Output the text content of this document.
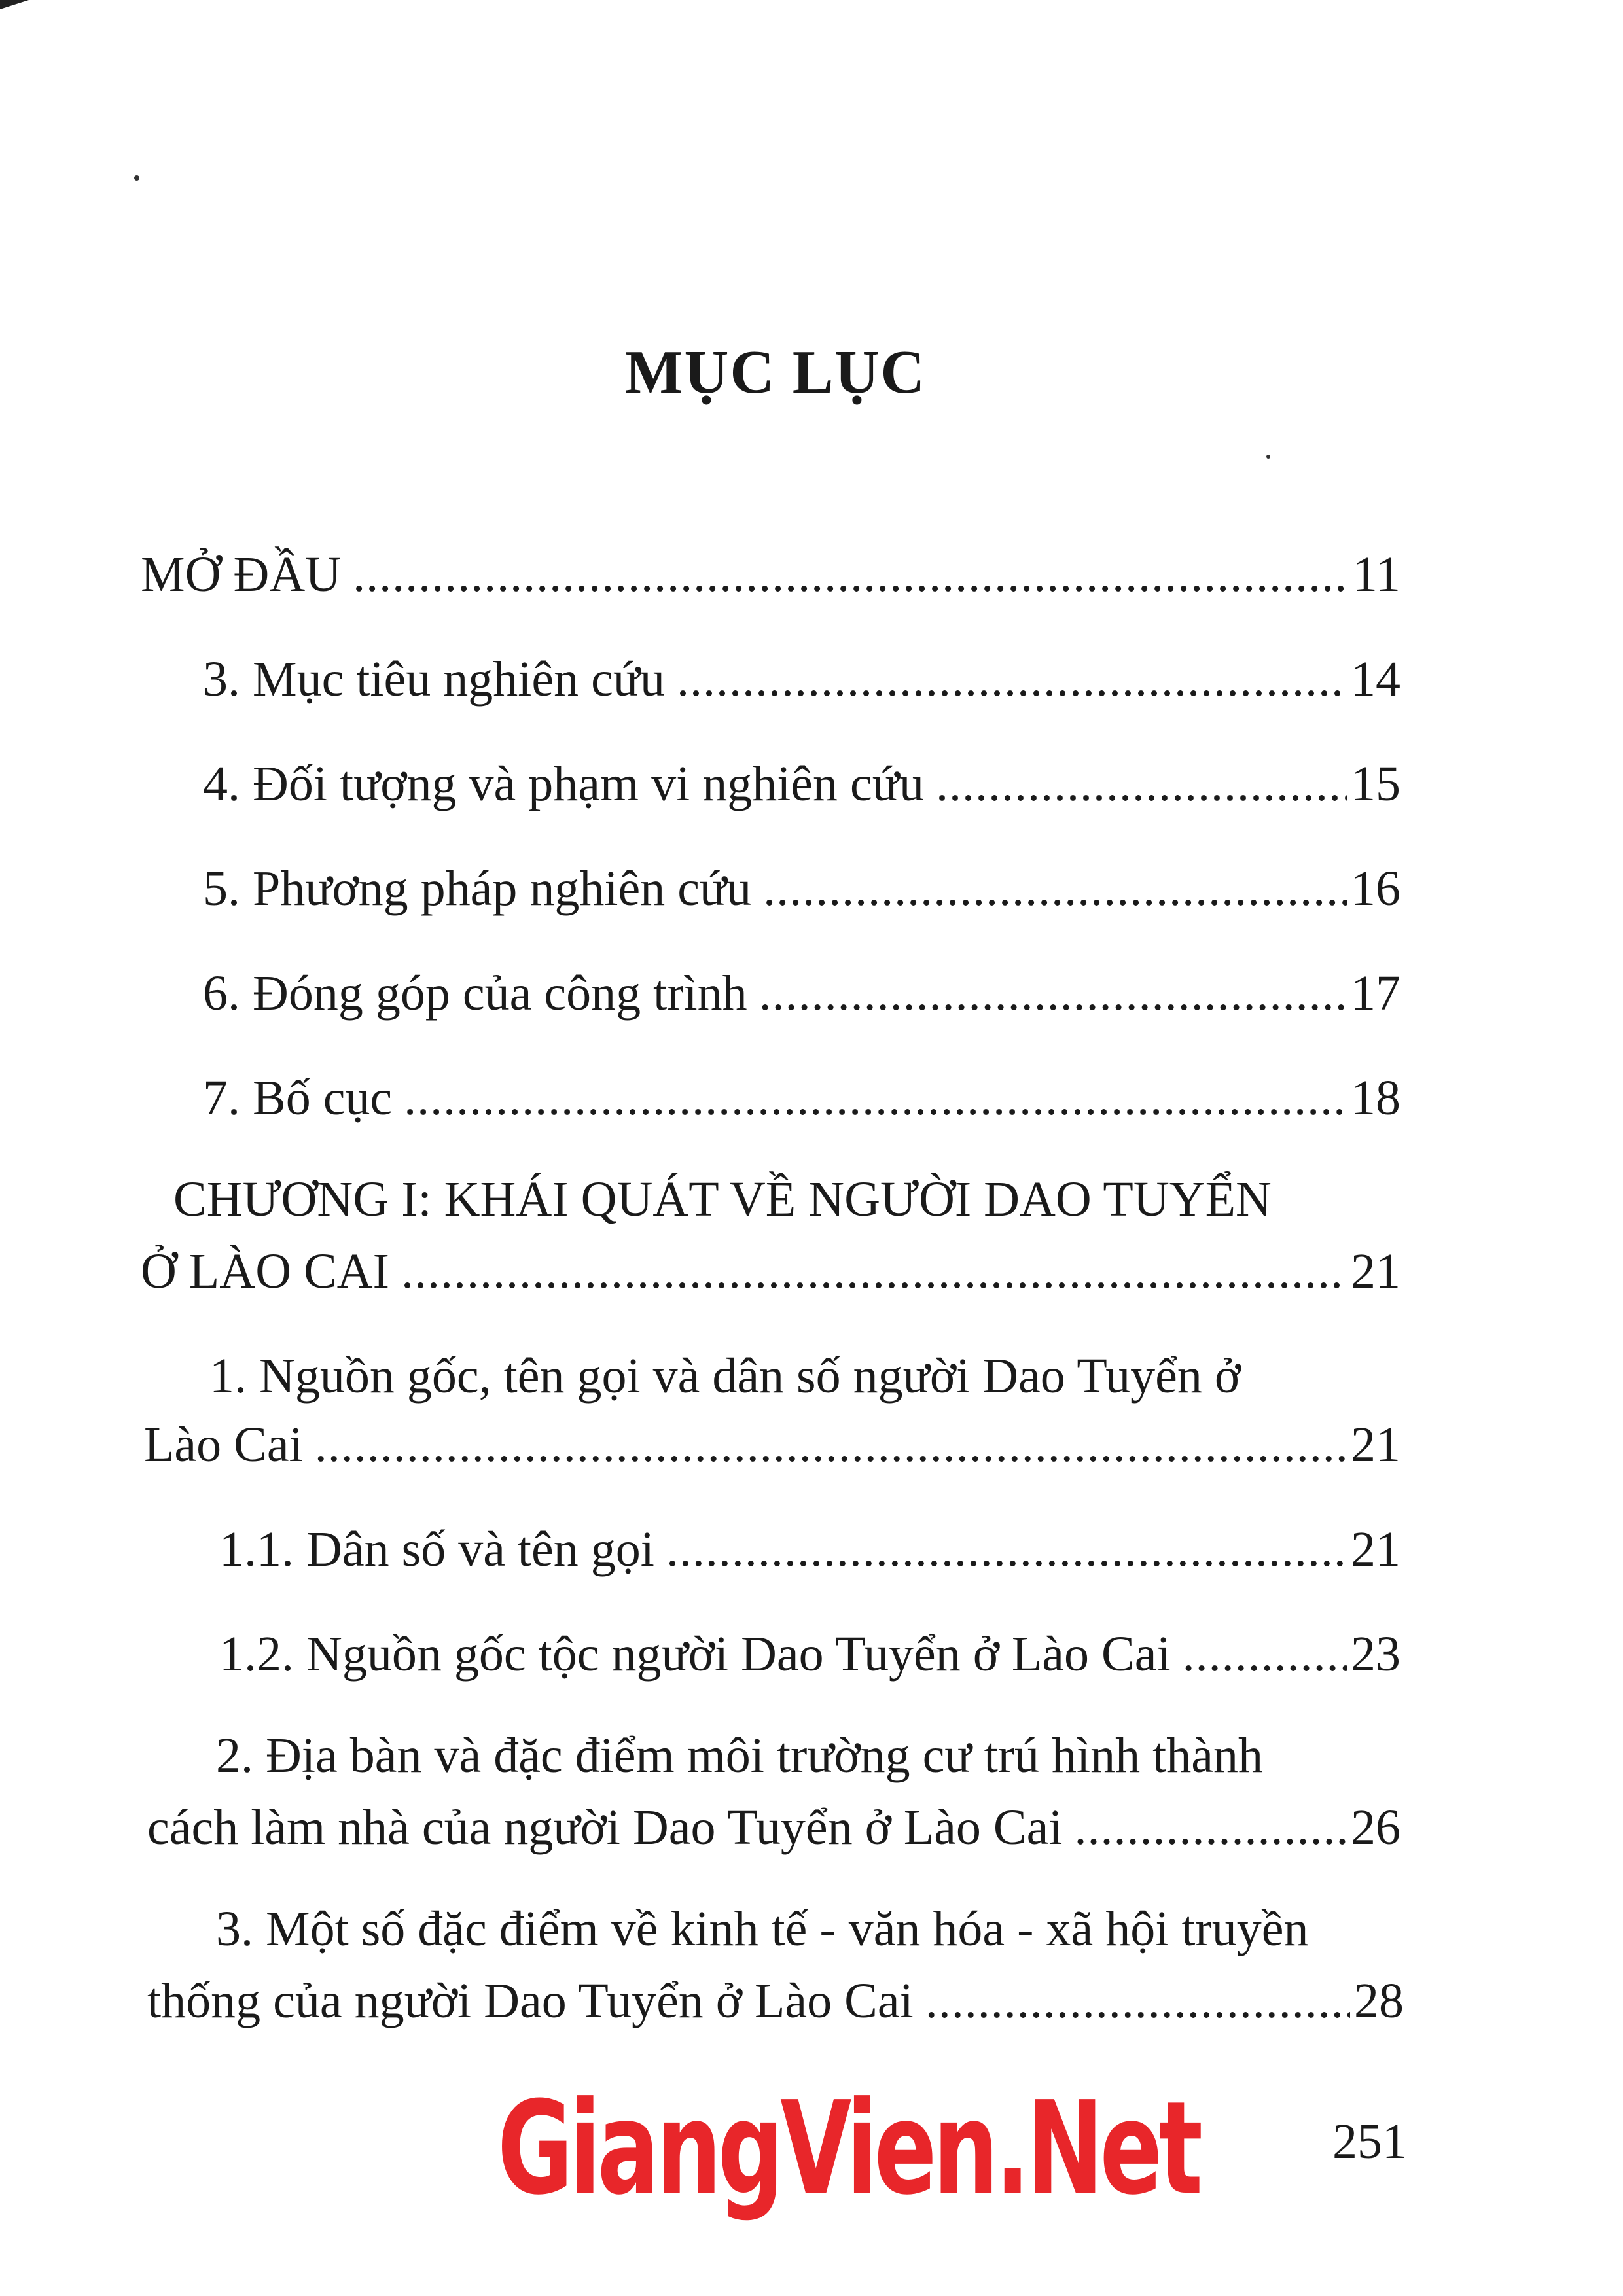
MỤC LỤC
MỞ ĐẦU .....	11
3. Mục tiêu nghiên cứu .....	14
4. Đối tượng và phạm vi nghiên cứu .....	15
5. Phương pháp nghiên cứu .....	16
6. Đóng góp của công trình .....	17
7. Bố cục .....	18
CHƯƠNG I: KHÁI QUÁT VỀ NGƯỜI DAO TUYỂN
Ở LÀO CAI .....	21
1. Nguồn gốc, tên gọi và dân số người Dao Tuyển ở
Lào Cai .....	21
1.1. Dân số và tên gọi .....	21
1.2. Nguồn gốc tộc người Dao Tuyển ở Lào Cai .....	23
2. Địa bàn và đặc điểm môi trường cư trú hình thành
cách làm nhà của người Dao Tuyển ở Lào Cai .....	26
3. Một số đặc điểm về kinh tế - văn hóa - xã hội truyền
thống của người Dao Tuyển ở Lào Cai .....	28
GiangVien.Net	251
